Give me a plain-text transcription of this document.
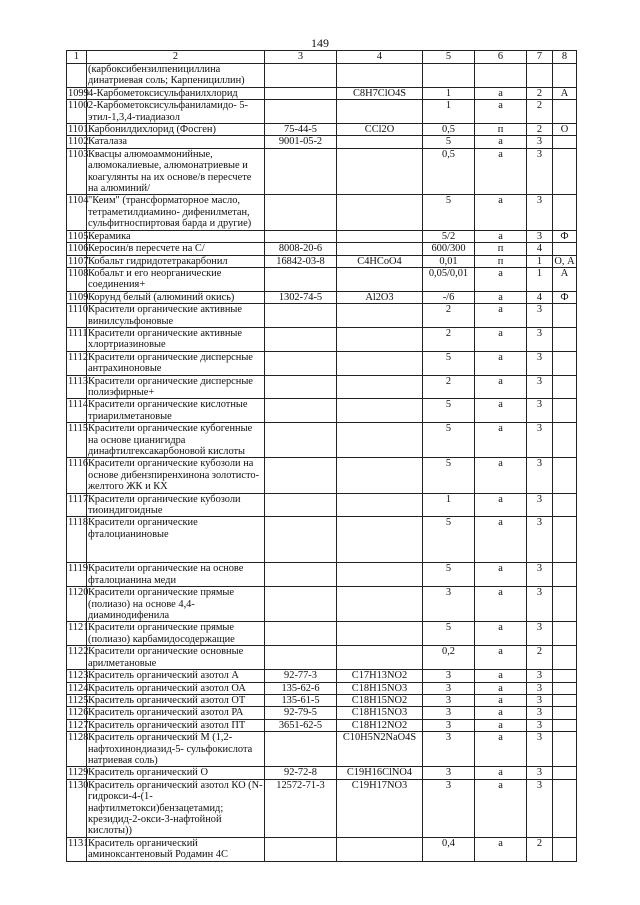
149
1	2	3	4	5	6	7	8
	(карбоксибензилпенициллина динатриевая соль; Карпенициллин)						
1099	4-Карбометоксисульфанилхлорид		C8H7ClO4S	1	а	2	А
1100	2-Карбометоксисульфаниламидо- 5-этил-1,3,4-тиадиазол			1	а	2	
1101	Карбонилдихлорид (Фосген)	75-44-5	CCl2O	0,5	п	2	О
1102	Каталаза	9001-05-2		5	а	3	
1103	Квасцы алюмоаммонийные, алюмокалиевые, алюмонатриевые и коагулянты на их основе/в пересчете на алюминий/			0,5	а	3	
1104	"Кеим" (трансформаторное масло, тетраметилдиамино- дифенилметан, сульфитноспиртовая барда и другие)			5	а	3	
1105	Керамика			5/2	а	3	Ф
1106	Керосин/в пересчете на С/	8008-20-6		600/300	п	4	
1107	Кобальт гидридотетракарбонил	16842-03-8	C4HCoO4	0,01	п	1	О, А
1108	Кобальт и его неорганические соединения+			0,05/0,01	а	1	А
1109	Корунд белый (алюминий окись)	1302-74-5	Al2O3	-/6	а	4	Ф
1110	Красители органические активные винилсульфоновые			2	а	3	
1111	Красители органические активные хлортриазиновые			2	а	3	
1112	Красители органические дисперсные антрахиноновые			5	а	3	
1113	Красители органические дисперсные полиэфирные+			2	а	3	
1114	Красители органические кислотные триарилметановые			5	а	3	
1115	Красители органические кубогенные на основе цианигидра динафтилгексакарбоновой кислоты			5	а	3	
1116	Красители органические кубозоли на основе дибензпиренхинона золотисто-желтого ЖК и КХ			5	а	3	
1117	Красители органические кубозоли тиоиндигоидные			1	а	3	
1118	Красители органические фталоцианиновые			5	а	3	
1119	Красители органические на основе фталоцианина меди			5	а	3	
1120	Красители органические прямые (полиазо) на основе 4,4-диаминодифенила			3	а	3	
1121	Красители органические прямые (полиазо) карбамидосодержащие			5	а	3	
1122	Красители органические основные арилметановые			0,2	а	2	
1123	Краситель органический азотол А	92-77-3	C17H13NO2	3	а	3	
1124	Краситель органический азотол ОА	135-62-6	C18H15NO3	3	а	3	
1125	Краситель органический азотол ОТ	135-61-5	C18H15NO2	3	а	3	
1126	Краситель органический азотол РА	92-79-5	C18H15NO3	3	а	3	
1127	Краситель органический азотол ПТ	3651-62-5	C18H12NO2	3	а	3	
1128	Краситель органический М (1,2-нафтохинондиазид-5- сульфокислота натриевая соль)		C10H5N2NaO4S	3	а	3	
1129	Краситель органический О	92-72-8	C19H16ClNO4	3	а	3	
1130	Краситель органический азотол КО (N-гидрокси-4-(1-нафтилметокси)бензацетамид; крезидид-2-окси-3-нафтойной кислоты))	12572-71-3	C19H17NO3	3	а	3	
1131	Краситель органический аминоксантеновый Родамин 4С			0,4	а	2	
